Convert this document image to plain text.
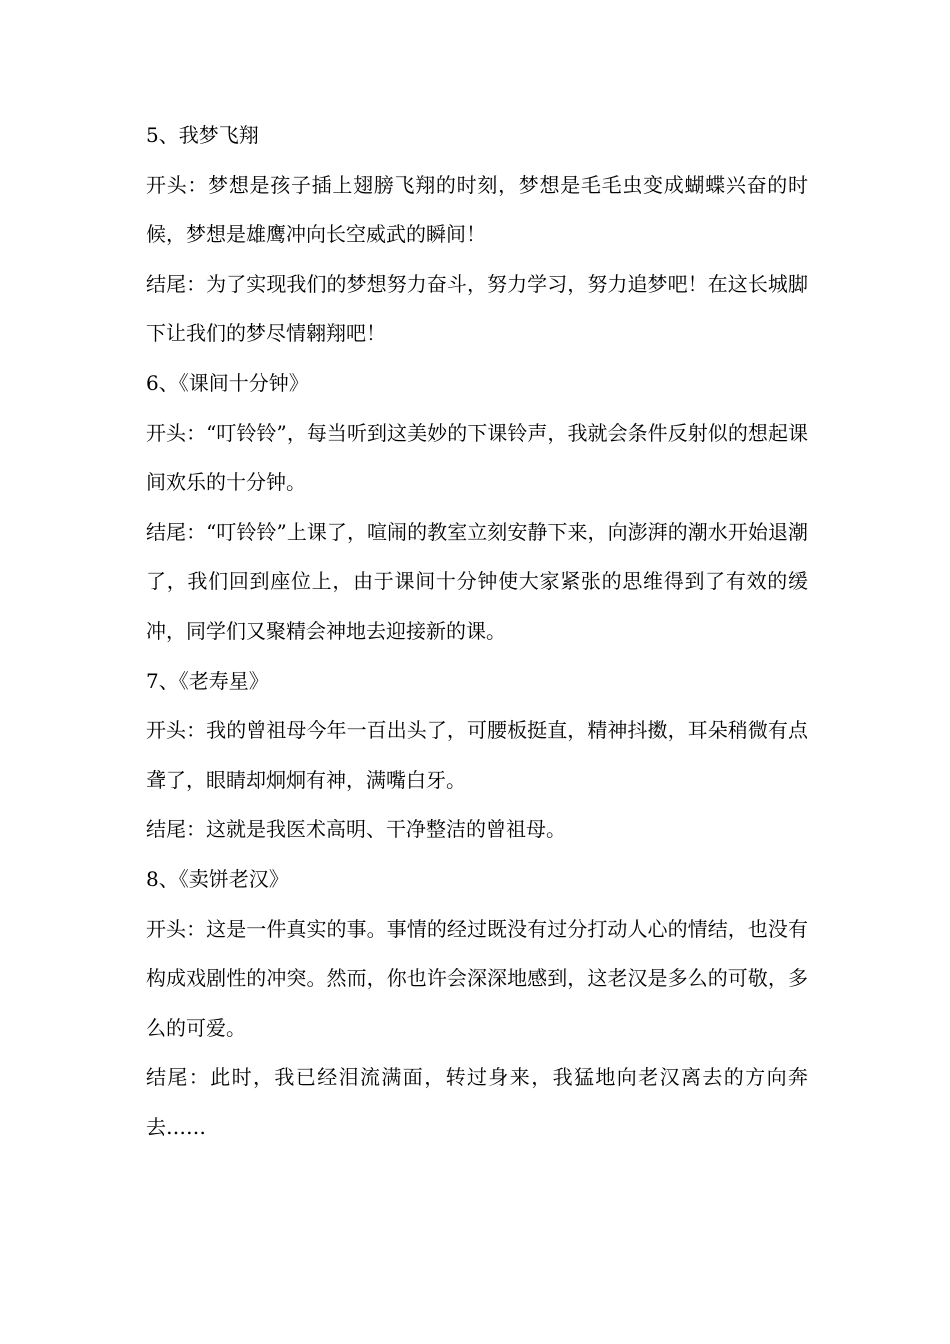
5、我梦飞翔

开头：梦想是孩子插上翅膀飞翔的时刻，梦想是毛毛虫变成蝴蝶兴奋的时候，梦想是雄鹰冲向长空威武的瞬间！

结尾：为了实现我们的梦想努力奋斗，努力学习，努力追梦吧！在这长城脚下让我们的梦尽情翱翔吧！

6、《课间十分钟》

开头：“叮铃铃”，每当听到这美妙的下课铃声，我就会条件反射似的想起课间欢乐的十分钟。

结尾：“叮铃铃”上课了，喧闹的教室立刻安静下来，向澎湃的潮水开始退潮了，我们回到座位上，由于课间十分钟使大家紧张的思维得到了有效的缓冲，同学们又聚精会神地去迎接新的课。

7、《老寿星》

开头：我的曾祖母今年一百出头了，可腰板挺直，精神抖擞，耳朵稍微有点聋了，眼睛却炯炯有神，满嘴白牙。

结尾：这就是我医术高明、干净整洁的曾祖母。

8、《卖饼老汉》

开头：这是一件真实的事。事情的经过既没有过分打动人心的情结，也没有构成戏剧性的冲突。然而，你也许会深深地感到，这老汉是多么的可敬，多么的可爱。

结尾：此时，我已经泪流满面，转过身来，我猛地向老汉离去的方向奔去……
